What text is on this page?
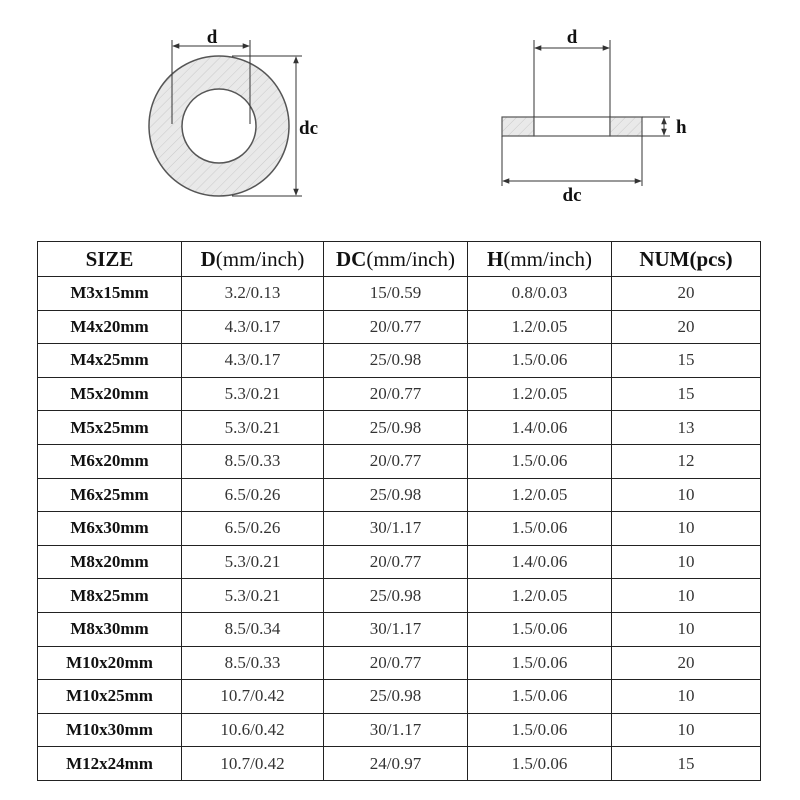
d
dc
d
h
dc
SIZE	D(mm/inch)	DC(mm/inch)	H(mm/inch)	NUM(pcs)
M3x15mm	3.2/0.13	15/0.59	0.8/0.03	20
M4x20mm	4.3/0.17	20/0.77	1.2/0.05	20
M4x25mm	4.3/0.17	25/0.98	1.5/0.06	15
M5x20mm	5.3/0.21	20/0.77	1.2/0.05	15
M5x25mm	5.3/0.21	25/0.98	1.4/0.06	13
M6x20mm	8.5/0.33	20/0.77	1.5/0.06	12
M6x25mm	6.5/0.26	25/0.98	1.2/0.05	10
M6x30mm	6.5/0.26	30/1.17	1.5/0.06	10
M8x20mm	5.3/0.21	20/0.77	1.4/0.06	10
M8x25mm	5.3/0.21	25/0.98	1.2/0.05	10
M8x30mm	8.5/0.34	30/1.17	1.5/0.06	10
M10x20mm	8.5/0.33	20/0.77	1.5/0.06	20
M10x25mm	10.7/0.42	25/0.98	1.5/0.06	10
M10x30mm	10.6/0.42	30/1.17	1.5/0.06	10
M12x24mm	10.7/0.42	24/0.97	1.5/0.06	15
